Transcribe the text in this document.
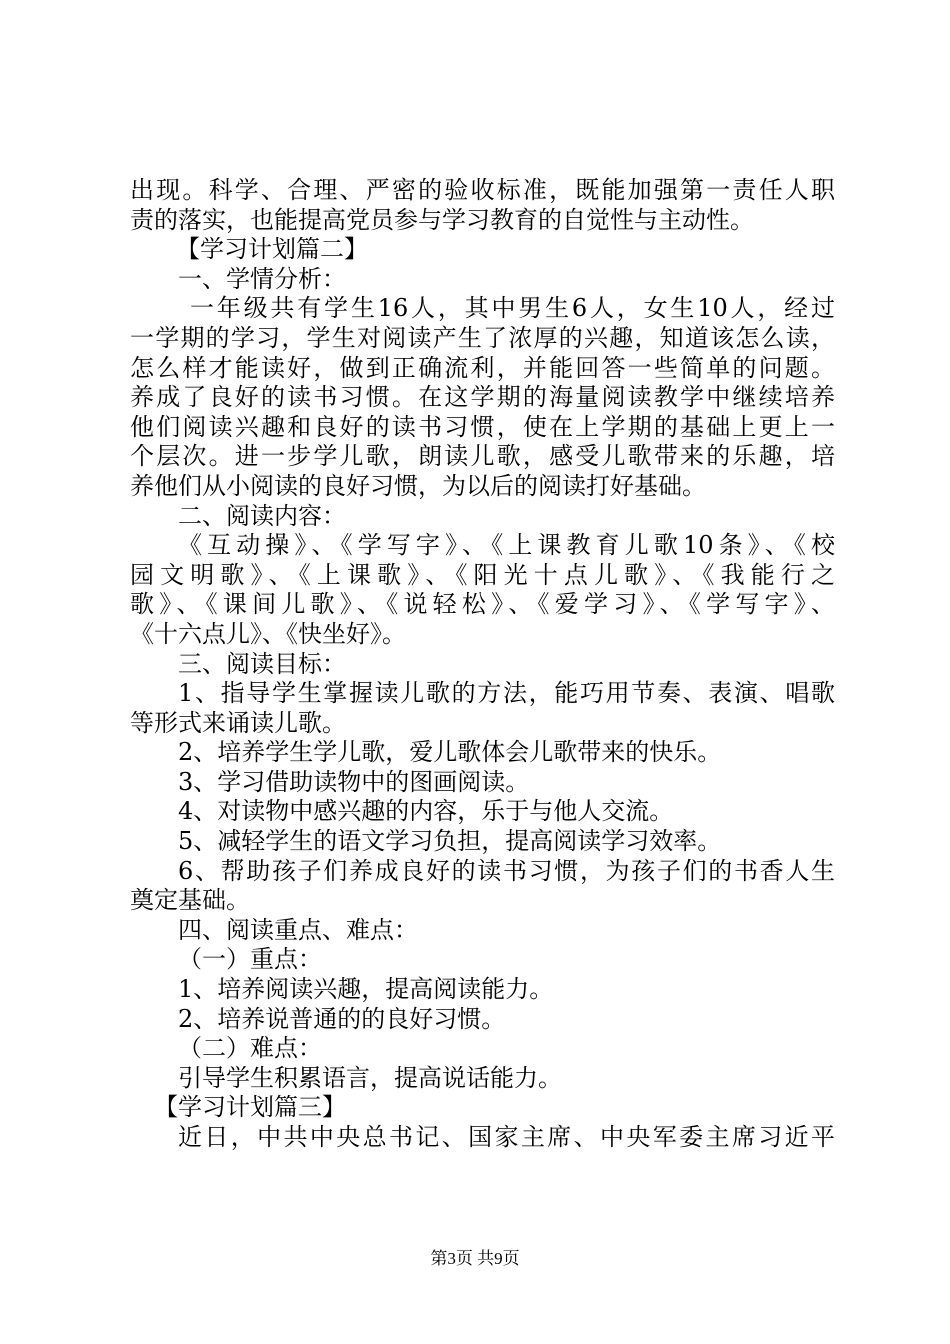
出现。科学、合理、严密的验收标准，既能加强第一责任人职
责的落实，也能提高党员参与学习教育的自觉性与主动性。
【学习计划篇二】
一、学情分析：
一年级共有学生16人，其中男生6人，女生10人，经过
一学期的学习，学生对阅读产生了浓厚的兴趣，知道该怎么读，
怎么样才能读好，做到正确流利，并能回答一些简单的问题。
养成了良好的读书习惯。在这学期的海量阅读教学中继续培养
他们阅读兴趣和良好的读书习惯，使在上学期的基础上更上一
个层次。进一步学儿歌，朗读儿歌，感受儿歌带来的乐趣，培
养他们从小阅读的良好习惯，为以后的阅读打好基础。
二、阅读内容：
《互动操》、《学写字》、《上课教育儿歌10条》、《校
园文明歌》、《上课歌》、《阳光十点儿歌》、《我能行之
歌》、《课间儿歌》、《说轻松》、《爱学习》、《学写字》、
《十六点儿》、《快坐好》。
三、阅读目标：
1、指导学生掌握读儿歌的方法，能巧用节奏、表演、唱歌
等形式来诵读儿歌。
2、培养学生学儿歌，爱儿歌体会儿歌带来的快乐。
3、学习借助读物中的图画阅读。
4、对读物中感兴趣的内容，乐于与他人交流。
5、减轻学生的语文学习负担，提高阅读学习效率。
6、帮助孩子们养成良好的读书习惯，为孩子们的书香人生
奠定基础。
四、阅读重点、难点：
（一）重点：
1、培养阅读兴趣，提高阅读能力。
2、培养说普通的的良好习惯。
（二）难点：
引导学生积累语言，提高说话能力。
【学习计划篇三】
近日，中共中央总书记、国家主席、中央军委主席习近平
第3页 共9页
